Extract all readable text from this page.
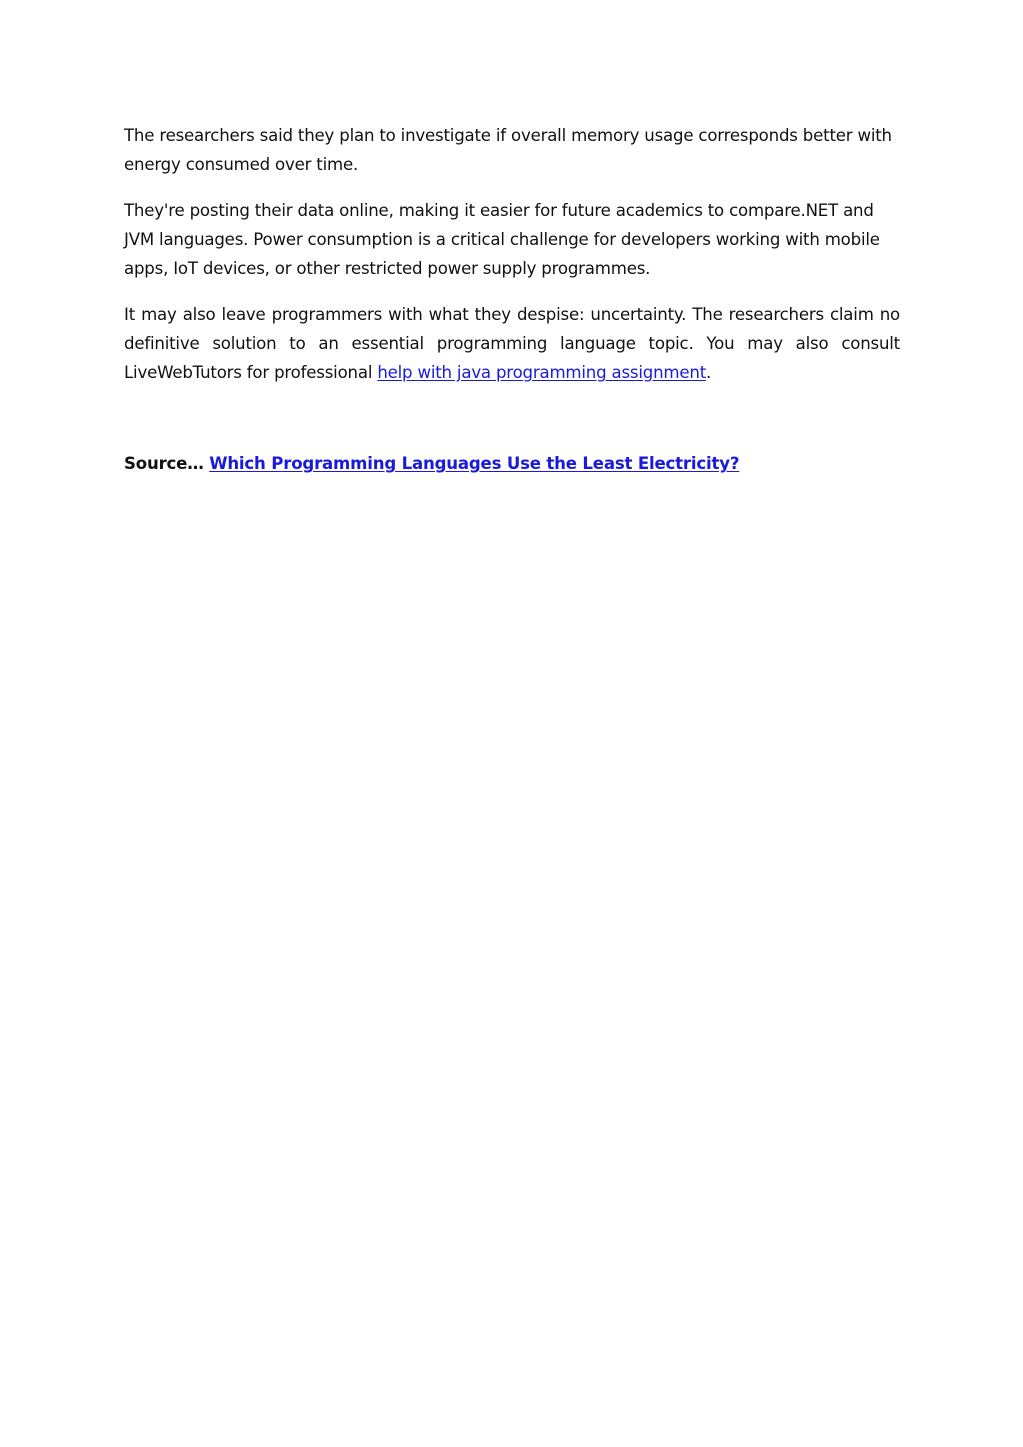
The researchers said they plan to investigate if overall memory usage corresponds better with energy consumed over time.

They're posting their data online, making it easier for future academics to compare.NET and JVM languages. Power consumption is a critical challenge for developers working with mobile apps, IoT devices, or other restricted power supply programmes.

It may also leave programmers with what they despise: uncertainty. The researchers claim no definitive solution to an essential programming language topic. You may also consult LiveWebTutors for professional help with java programming assignment.

Source… Which Programming Languages Use the Least Electricity?
